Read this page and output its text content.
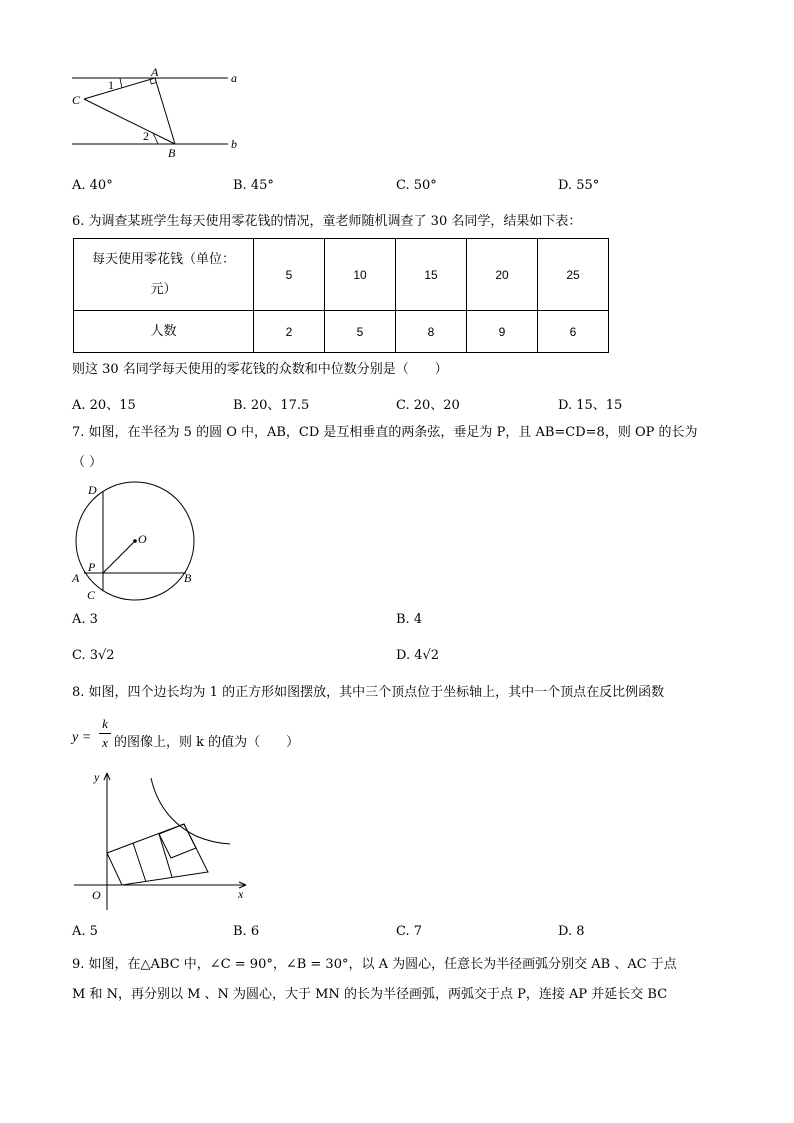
A	a
C
1
2
b
B
A. 40°	B. 45°	C. 50°	D. 55°
6. 为调查某班学生每天使用零花钱的情况，童老师随机调查了 30 名同学，结果如下表：
每天使用零花钱（单位：
元）	5	10	15	20	25
人数	2	5	8	9	6
则这 30 名同学每天使用的零花钱的众数和中位数分别是（　　）
A. 20、15	B. 20、17.5	C. 20、20	D. 15、15
7. 如图，在半径为 5 的圆 O 中，AB，CD 是互相垂直的两条弦，垂足为 P，且 AB=CD=8，则 OP 的长为
（ ）
D
O
P
A	B
C
A. 3	B. 4
C. 3√2	D. 4√2
8. 如图，四个边长均为 1 的正方形如图摆放，其中三个顶点位于坐标轴上，其中一个顶点在反比例函数
y =
k
x 的图像上，则 k 的值为（　　）
y
x
O
A. 5	B. 6	C. 7	D. 8
9. 如图，在△ABC 中，∠C = 90°，∠B = 30°，以 A 为圆心，任意长为半径画弧分别交 AB 、AC 于点
M 和 N，再分别以 M 、N 为圆心，大于 MN 的长为半径画弧，两弧交于点 P，连接 AP 并延长交 BC
